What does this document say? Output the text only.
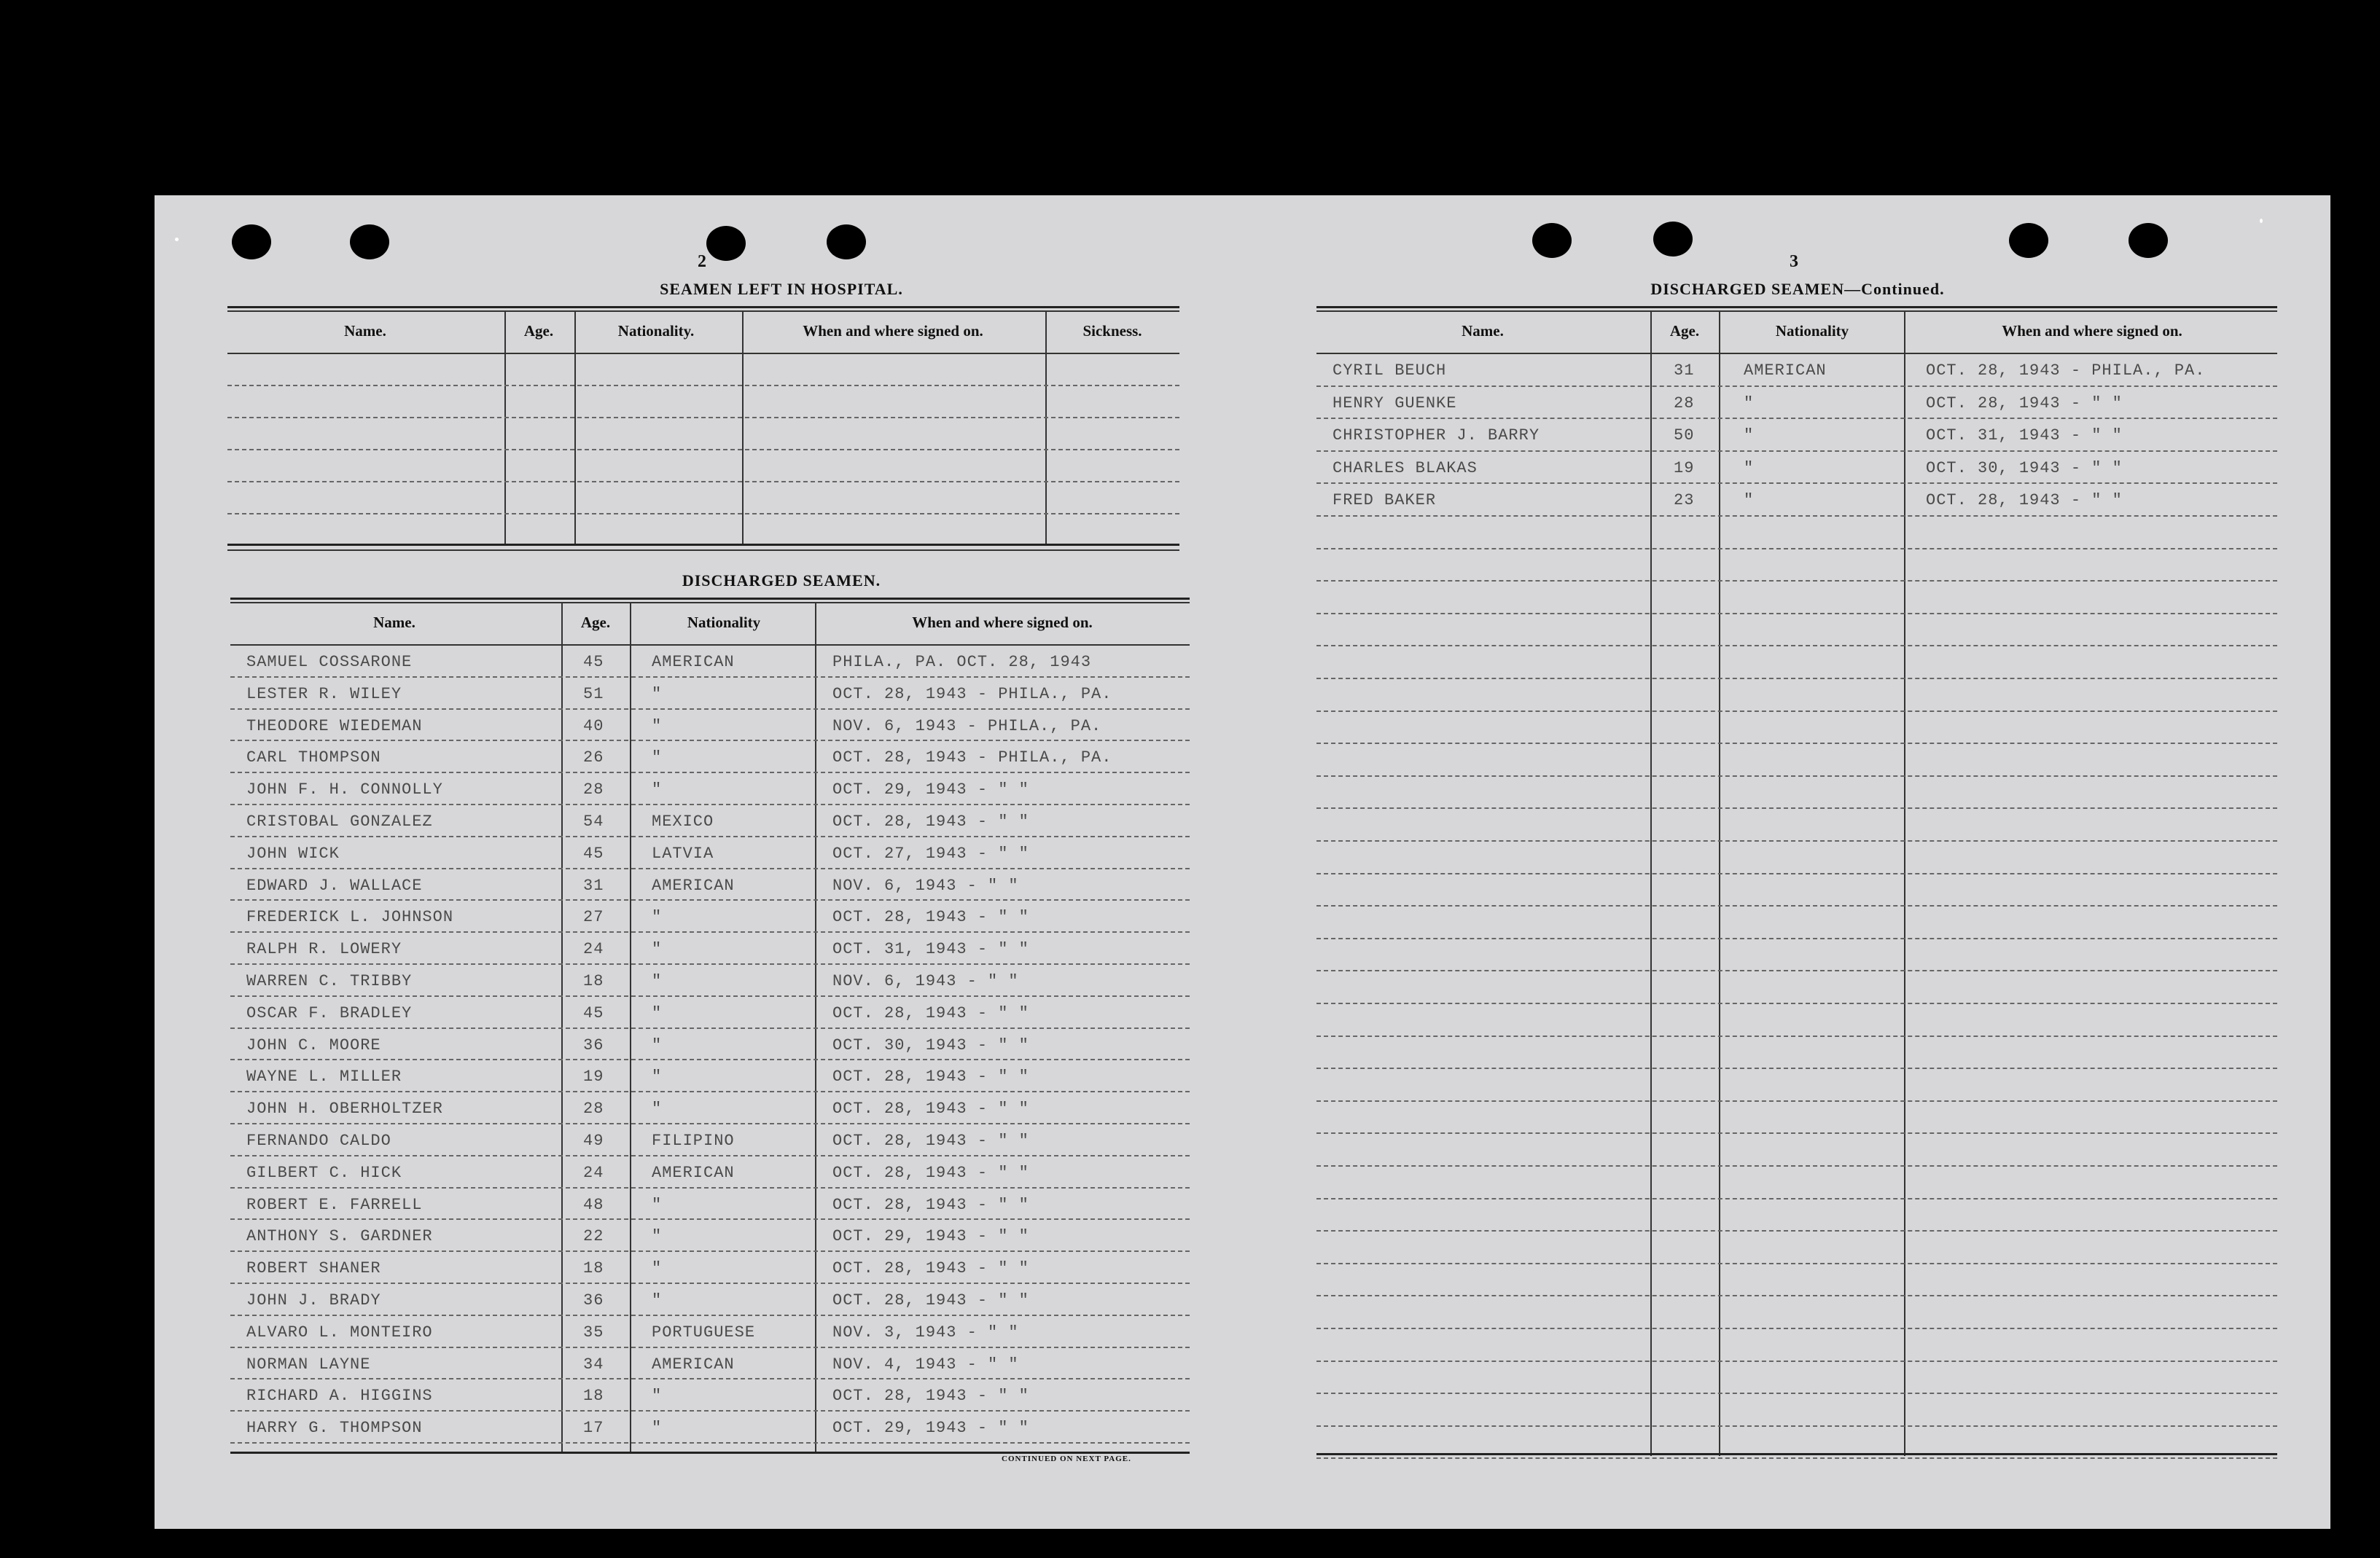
2
SEAMEN LEFT IN HOSPITAL.
Name.	Age.	Nationality.	When and where signed on.	Sickness.
DISCHARGED SEAMEN.
Name.	Age.	Nationality	When and where signed on.
SAMUEL COSSARONE	45	AMERICAN	PHILA., PA. OCT. 28, 1943
LESTER R. WILEY	51	"	OCT. 28, 1943 - PHILA., PA.
THEODORE WIEDEMAN	40	"	NOV. 6, 1943 - PHILA., PA.
CARL THOMPSON	26	"	OCT. 28, 1943 - PHILA., PA.
JOHN F. H. CONNOLLY	28	"	OCT. 29, 1943 - " "
CRISTOBAL GONZALEZ	54	MEXICO	OCT. 28, 1943 - " "
JOHN WICK	45	LATVIA	OCT. 27, 1943 - " "
EDWARD J. WALLACE	31	AMERICAN	NOV. 6, 1943 - " "
FREDERICK L. JOHNSON	27	"	OCT. 28, 1943 - " "
RALPH R. LOWERY	24	"	OCT. 31, 1943 - " "
WARREN C. TRIBBY	18	"	NOV. 6, 1943 - " "
OSCAR F. BRADLEY	45	"	OCT. 28, 1943 - " "
JOHN C. MOORE	36	"	OCT. 30, 1943 - " "
WAYNE L. MILLER	19	"	OCT. 28, 1943 - " "
JOHN H. OBERHOLTZER	28	"	OCT. 28, 1943 - " "
FERNANDO CALDO	49	FILIPINO	OCT. 28, 1943 - " "
GILBERT C. HICK	24	AMERICAN	OCT. 28, 1943 - " "
ROBERT E. FARRELL	48	"	OCT. 28, 1943 - " "
ANTHONY S. GARDNER	22	"	OCT. 29, 1943 - " "
ROBERT SHANER	18	"	OCT. 28, 1943 - " "
JOHN J. BRADY	36	"	OCT. 28, 1943 - " "
ALVARO L. MONTEIRO	35	PORTUGUESE	NOV. 3, 1943 - " "
NORMAN LAYNE	34	AMERICAN	NOV. 4, 1943 - " "
RICHARD A. HIGGINS	18	"	OCT. 28, 1943 - " "
HARRY G. THOMPSON	17	"	OCT. 29, 1943 - " "
CONTINUED ON NEXT PAGE.
3
DISCHARGED SEAMEN—Continued.
Name.	Age.	Nationality	When and where signed on.
CYRIL BEUCH	31	AMERICAN	OCT. 28, 1943 - PHILA., PA.
HENRY GUENKE	28	"	OCT. 28, 1943 - " "
CHRISTOPHER J. BARRY	50	"	OCT. 31, 1943 - " "
CHARLES BLAKAS	19	"	OCT. 30, 1943 - " "
FRED BAKER	23	"	OCT. 28, 1943 - " "
